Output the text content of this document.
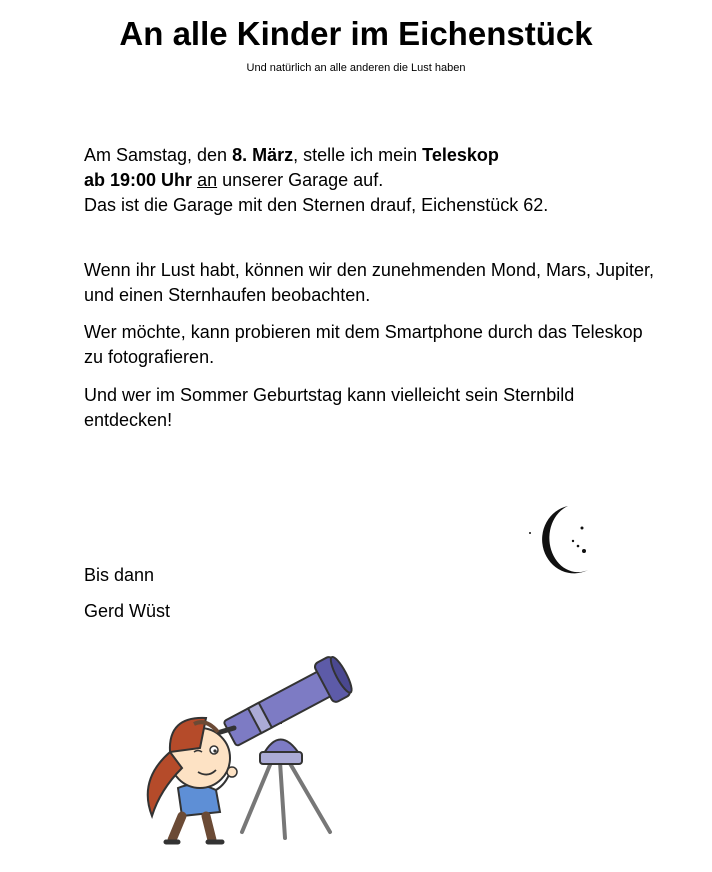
An alle Kinder im Eichenstück
Und natürlich an alle anderen die Lust haben

Am Samstag, den 8. März, stelle ich mein Teleskop
ab 19:00 Uhr an unserer Garage auf.
Das ist die Garage mit den Sternen drauf, Eichenstück 62.

Wenn ihr Lust habt, können wir den zunehmenden Mond, Mars, Jupiter, und einen Sternhaufen beobachten.

Wer möchte, kann probieren mit dem Smartphone durch das Teleskop zu fotografieren.

Und wer im Sommer Geburtstag kann vielleicht sein Sternbild entdecken!

Bis dann

Gerd Wüst
